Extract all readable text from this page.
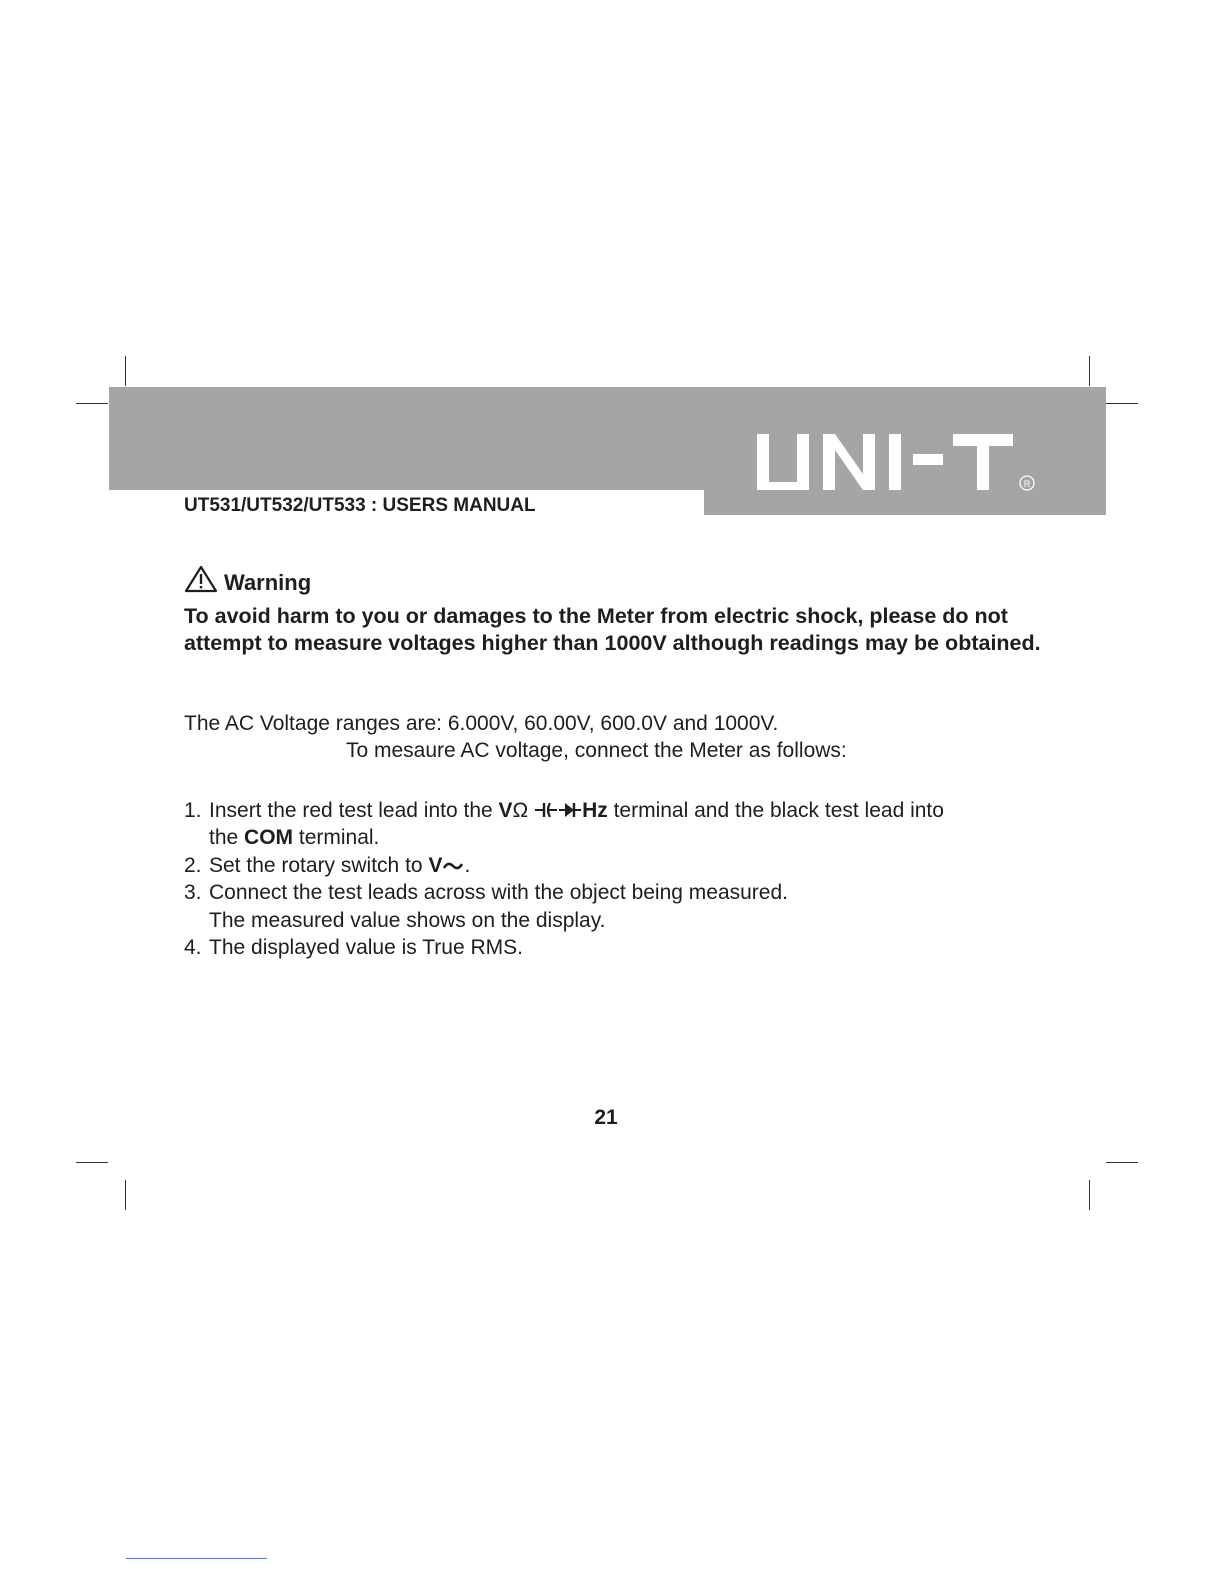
R
UT531/UT532/UT533 : USERS MANUAL
Warning
To avoid harm to you or damages to the Meter from electric shock, please do not attempt to measure voltages higher than 1000V although readings may be obtained.
The AC Voltage ranges are: 6.000V, 60.00V, 600.0V and 1000V.
To mesaure AC voltage, connect the Meter as follows:
1. Insert the red test lead into the VΩ	Hz terminal and the black test lead into
the COM terminal.
2. Set the rotary switch to V .
3. Connect the test leads across with the object being measured.
The measured value shows on the display.
4. The displayed value is True RMS.
21
